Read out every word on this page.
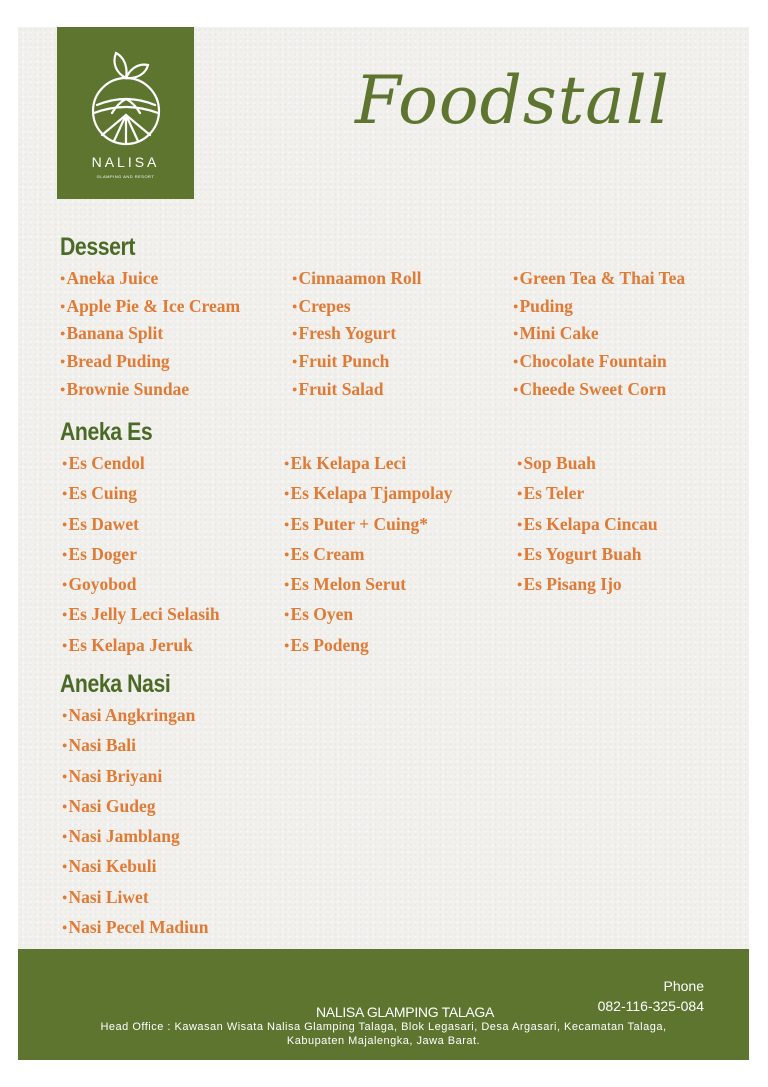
NALISA
GLAMPING AND RESORT
Foodstall
Dessert
● Aneka Juice
● Apple Pie & Ice Cream
● Banana Split
● Bread Puding
● Brownie Sundae
● Cinnaamon Roll
● Crepes
● Fresh Yogurt
● Fruit Punch
● Fruit Salad
● Green Tea & Thai Tea
● Puding
● Mini Cake
● Chocolate Fountain
● Cheede Sweet Corn
Aneka Es
● Es Cendol
● Es Cuing
● Es Dawet
● Es Doger
● Goyobod
● Es Jelly Leci Selasih
● Es Kelapa Jeruk
● Ek Kelapa Leci
● Es Kelapa Tjampolay
● Es Puter + Cuing*
● Es Cream
● Es Melon Serut
● Es Oyen
● Es Podeng
● Sop Buah
● Es Teler
● Es Kelapa Cincau
● Es Yogurt Buah
● Es Pisang Ijo
Aneka Nasi
● Nasi Angkringan
● Nasi Bali
● Nasi Briyani
● Nasi Gudeg
● Nasi Jamblang
● Nasi Kebuli
● Nasi Liwet
● Nasi Pecel Madiun
Phone
082-116-325-084
NALISA GLAMPING TALAGA
Head Office : Kawasan Wisata Nalisa Glamping Talaga, Blok Legasari, Desa Argasari, Kecamatan Talaga,
Kabupaten Majalengka, Jawa Barat.
